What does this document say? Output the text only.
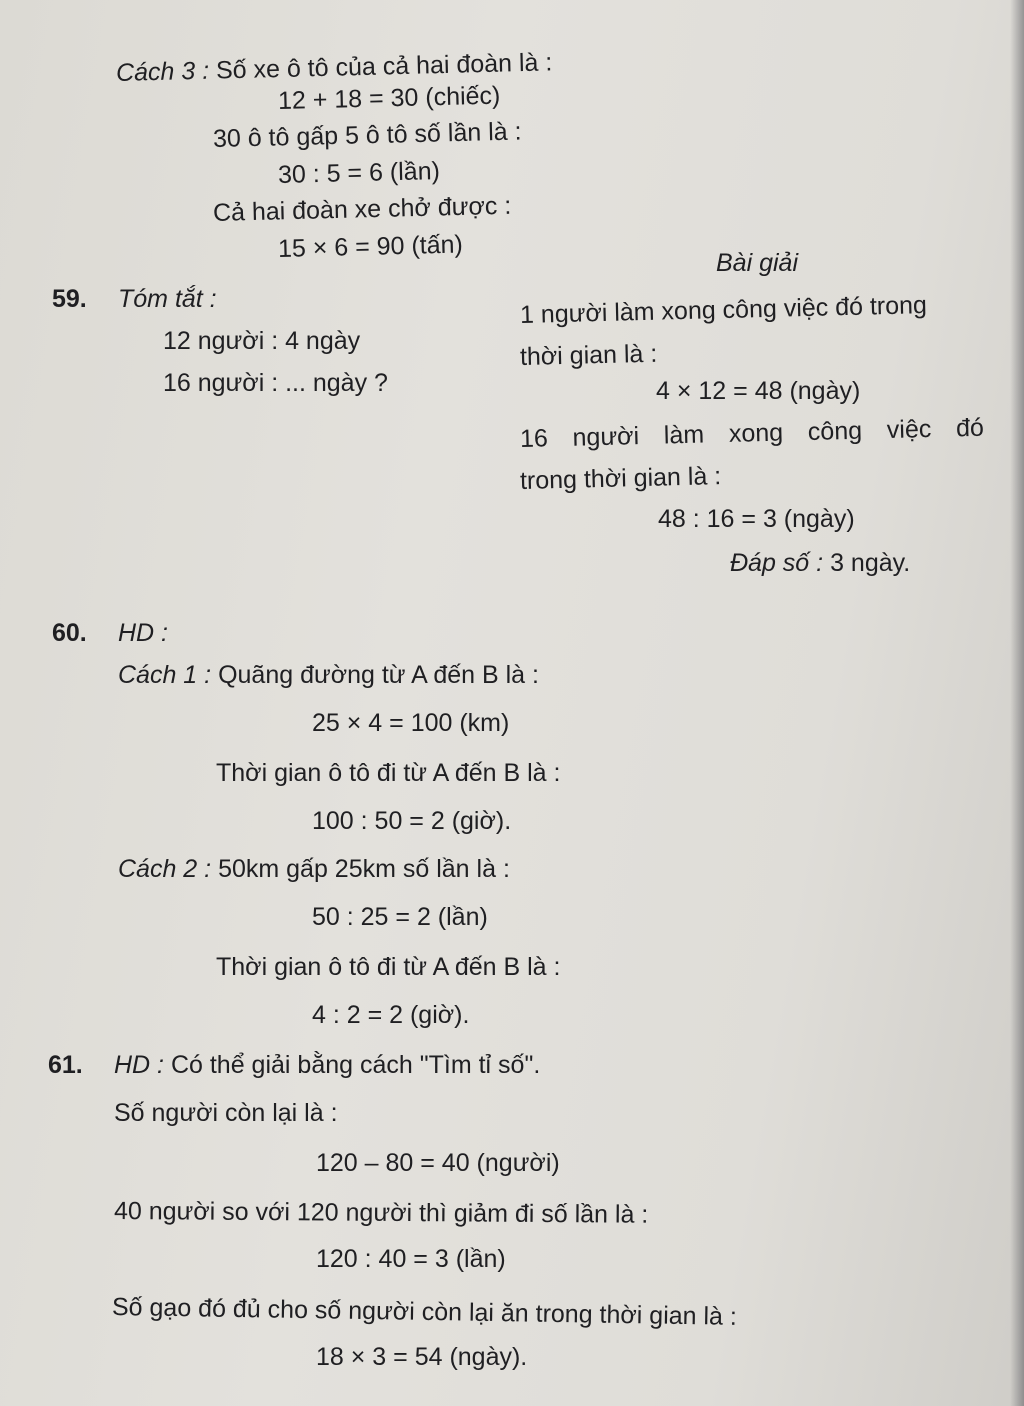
Cách 3 : Số xe ô tô của cả hai đoàn là :
12 + 18 = 30 (chiếc)
30 ô tô gấp 5 ô tô số lần là :
30 : 5 = 6 (lần)
Cả hai đoàn xe chở được :
15 × 6 = 90 (tấn)
59. Tóm tắt :
12 người : 4 ngày
16 người : ... ngày ?
Bài giải
1 người làm xong công việc đó trong
thời gian là :
4 × 12 = 48 (ngày)
16 người làm xong công việc đó
trong thời gian là :
48 : 16 = 3 (ngày)
Đáp số : 3 ngày.
60. HD :
Cách 1 : Quãng đường từ A đến B là :
25 × 4 = 100 (km)
Thời gian ô tô đi từ A đến B là :
100 : 50 = 2 (giờ).
Cách 2 : 50km gấp 25km số lần là :
50 : 25 = 2 (lần)
Thời gian ô tô đi từ A đến B là :
4 : 2 = 2 (giờ).
61. HD : Có thể giải bằng cách "Tìm tỉ số".
Số người còn lại là :
120 – 80 = 40 (người)
40 người so với 120 người thì giảm đi số lần là :
120 : 40 = 3 (lần)
Số gạo đó đủ cho số người còn lại ăn trong thời gian là :
18 × 3 = 54 (ngày).
